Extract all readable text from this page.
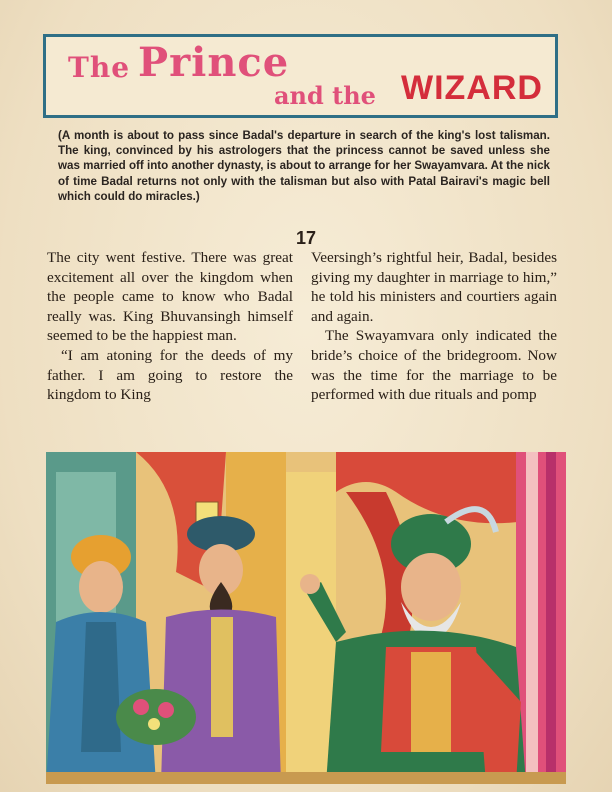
The Prince
and the WIZARD
(A month is about to pass since Badal's departure in search of the king's lost talisman. The king, convinced by his astrologers that the princess cannot be saved unless she was married off into another dynasty, is about to arrange for her Swayamvara. At the nick of time Badal returns not only with the talisman but also with Patal Bairavi's magic bell which could do miracles.)
17

The city went festive. There was great excitement all over the kingdom when the people came to know who Badal really was. King Bhuvansingh himself seemed to be the happiest man.

“I am atoning for the deeds of my father. I am going to restore the kingdom to King

Veersingh’s rightful heir, Badal, besides giving my daughter in marriage to him,” he told his ministers and courtiers again and again.

The Swayamvara only indicated the bride’s choice of the bridegroom. Now was the time for the marriage to be performed with due rituals and pomp
